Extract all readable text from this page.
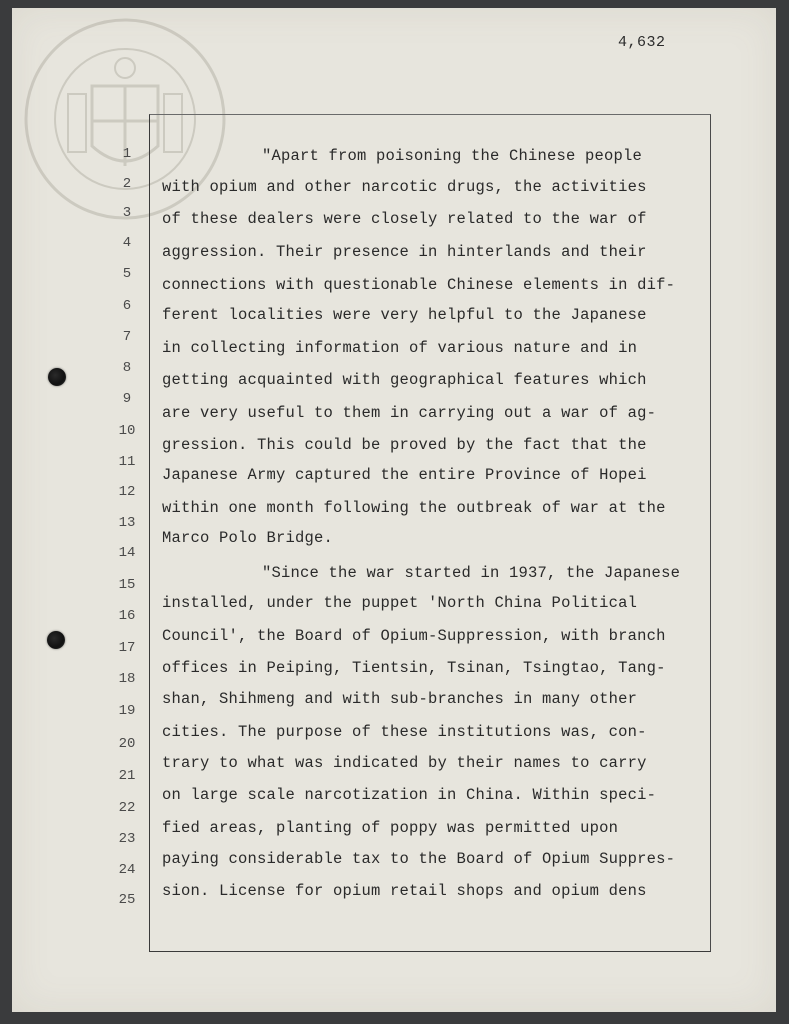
4,632
1
2
3
4
5
6
7
8
9
10
11
12
13
14
15
16
17
18
19
20
21
22
23
24
25
"Apart from poisoning the Chinese people
with opium and other narcotic drugs, the activities
of these dealers were closely related to the war of
aggression. Their presence in hinterlands and their
connections with questionable Chinese elements in dif-
ferent localities were very helpful to the Japanese
in collecting information of various nature and in
getting acquainted with geographical features which
are very useful to them in carrying out a war of ag-
gression. This could be proved by the fact that the
Japanese Army captured the entire Province of Hopei
within one month following the outbreak of war at the
Marco Polo Bridge.
"Since the war started in 1937, the Japanese
installed, under the puppet 'North China Political
Council', the Board of Opium-Suppression, with branch
offices in Peiping, Tientsin, Tsinan, Tsingtao, Tang-
shan, Shihmeng and with sub-branches in many other
cities. The purpose of these institutions was, con-
trary to what was indicated by their names to carry
on large scale narcotization in China. Within speci-
fied areas, planting of poppy was permitted upon
paying considerable tax to the Board of Opium Suppres-
sion. License for opium retail shops and opium dens
